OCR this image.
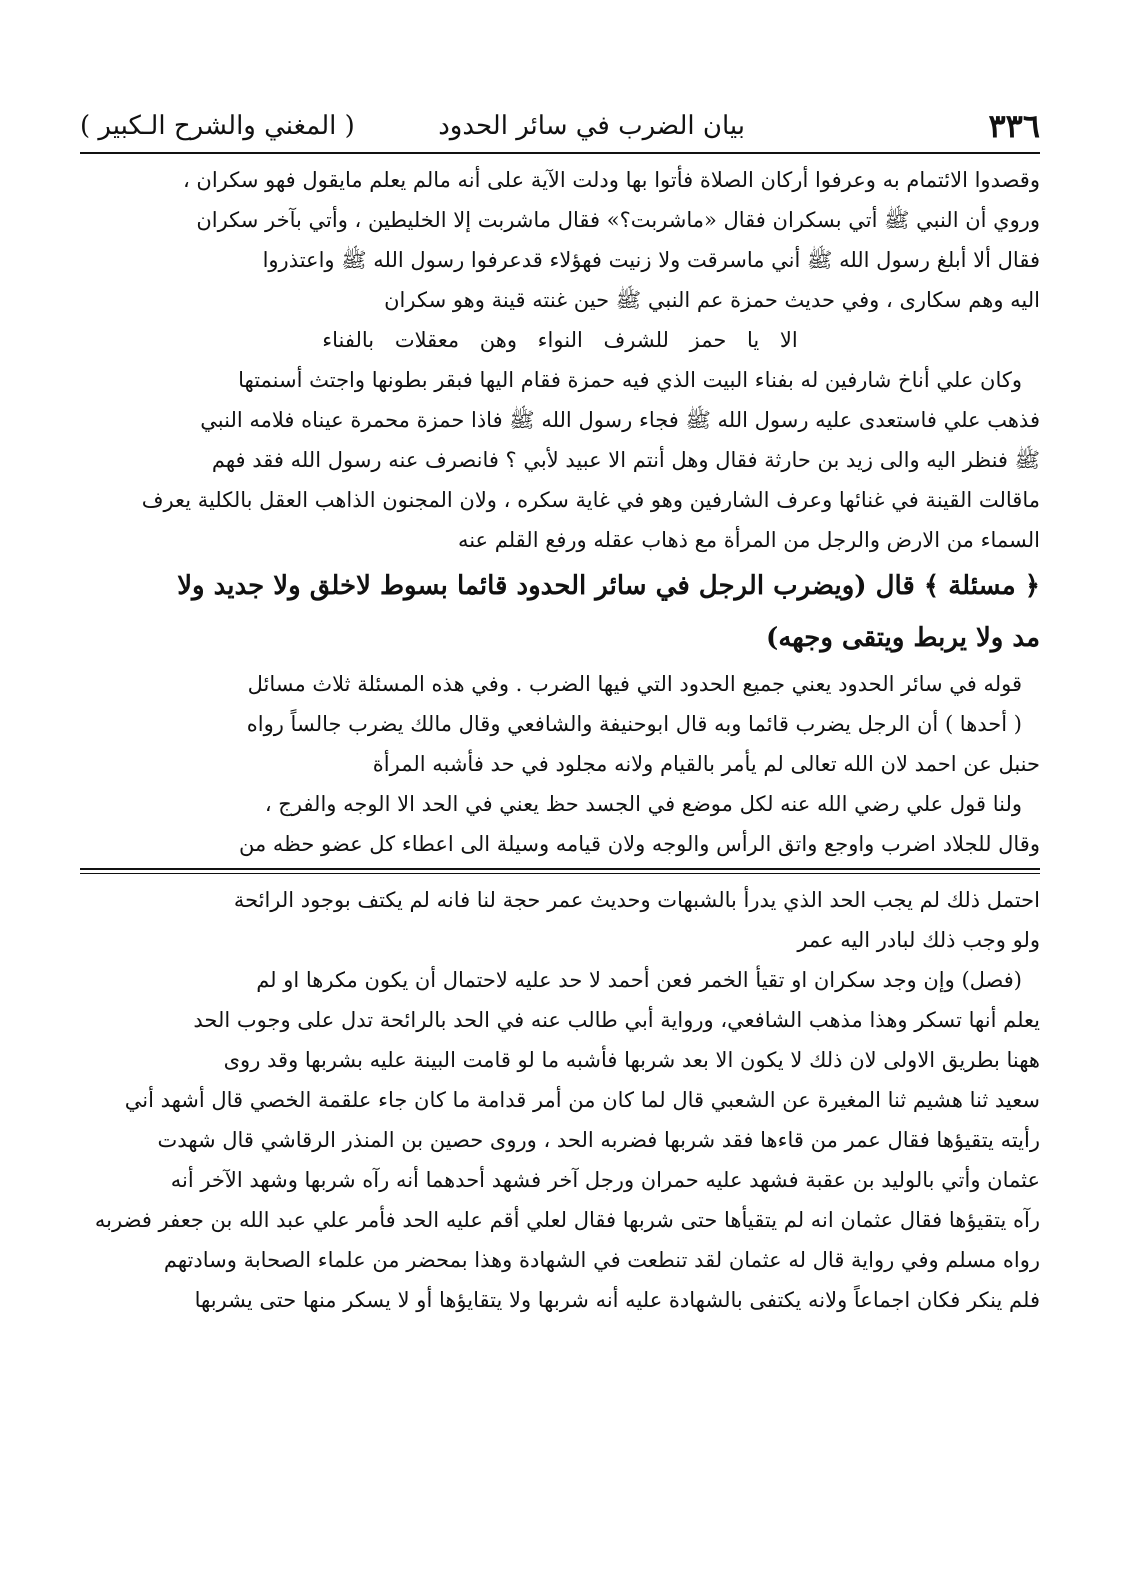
٣٣٦
بيان الضرب في سائر الحدود
( المغني والشرح الـكبير )
وقصدوا الائتمام به وعرفوا أركان الصلاة فأتوا بها ودلت الآية على أنه مالم يعلم مايقول فهو سكران ،
وروي أن النبي ﷺ أتي بسكران فقال «ماشربت؟» فقال ماشربت إلا الخليطين ، وأتي بآخر سكران
فقال ألا أبلغ رسول الله ﷺ أني ماسرقت ولا زنيت فهؤلاء قدعرفوا رسول الله ﷺ واعتذروا
اليه وهم سكارى ، وفي حديث حمزة عم النبي ﷺ حين غنته قينة وهو سكران
الا يا حمز للشرف النواء وهن معقلات بالفناء
وكان علي أناخ شارفين له بفناء البيت الذي فيه حمزة فقام اليها فبقر بطونها واجتث أسنمتها
فذهب علي فاستعدى عليه رسول الله ﷺ فجاء رسول الله ﷺ فاذا حمزة محمرة عيناه فلامه النبي
ﷺ فنظر اليه والى زيد بن حارثة فقال وهل أنتم الا عبيد لأبي ؟ فانصرف عنه رسول الله فقد فهم
ماقالت القينة في غنائها وعرف الشارفين وهو في غاية سكره ، ولان المجنون الذاهب العقل بالكلية يعرف
السماء من الارض والرجل من المرأة مع ذهاب عقله ورفع القلم عنه
﴿ مسئلة ﴾ قال (ويضرب الرجل في سائر الحدود قائما بسوط لاخلق ولا جديد ولا
مد ولا يربط ويتقى وجهه)
قوله في سائر الحدود يعني جميع الحدود التي فيها الضرب . وفي هذه المسئلة ثلاث مسائل
( أحدها ) أن الرجل يضرب قائما وبه قال ابوحنيفة والشافعي وقال مالك يضرب جالساً رواه
حنبل عن احمد لان الله تعالى لم يأمر بالقيام ولانه مجلود في حد فأشبه المرأة
ولنا قول علي رضي الله عنه لكل موضع في الجسد حظ يعني في الحد الا الوجه والفرج ،
وقال للجلاد اضرب واوجع واتق الرأس والوجه ولان قيامه وسيلة الى اعطاء كل عضو حظه من
احتمل ذلك لم يجب الحد الذي يدرأ بالشبهات وحديث عمر حجة لنا فانه لم يكتف بوجود الرائحة
ولو وجب ذلك لبادر اليه عمر
(فصل) وإن وجد سكران او تقيأ الخمر فعن أحمد لا حد عليه لاحتمال أن يكون مكرها او لم
يعلم أنها تسكر وهذا مذهب الشافعي، ورواية أبي طالب عنه في الحد بالرائحة تدل على وجوب الحد
ههنا بطريق الاولى لان ذلك لا يكون الا بعد شربها فأشبه ما لو قامت البينة عليه بشربها وقد روى
سعيد ثنا هشيم ثنا المغيرة عن الشعبي قال لما كان من أمر قدامة ما كان جاء علقمة الخصي قال أشهد أني
رأيته يتقيؤها فقال عمر من قاءها فقد شربها فضربه الحد ، وروى حصين بن المنذر الرقاشي قال شهدت
عثمان وأتي بالوليد بن عقبة فشهد عليه حمران ورجل آخر فشهد أحدهما أنه رآه شربها وشهد الآخر أنه
رآه يتقيؤها فقال عثمان انه لم يتقيأها حتى شربها فقال لعلي أقم عليه الحد فأمر علي عبد الله بن جعفر فضربه
رواه مسلم وفي رواية قال له عثمان لقد تنطعت في الشهادة وهذا بمحضر من علماء الصحابة وسادتهم
فلم ينكر فكان اجماعاً ولانه يكتفى بالشهادة عليه أنه شربها ولا يتقايؤها أو لا يسكر منها حتى يشربها
